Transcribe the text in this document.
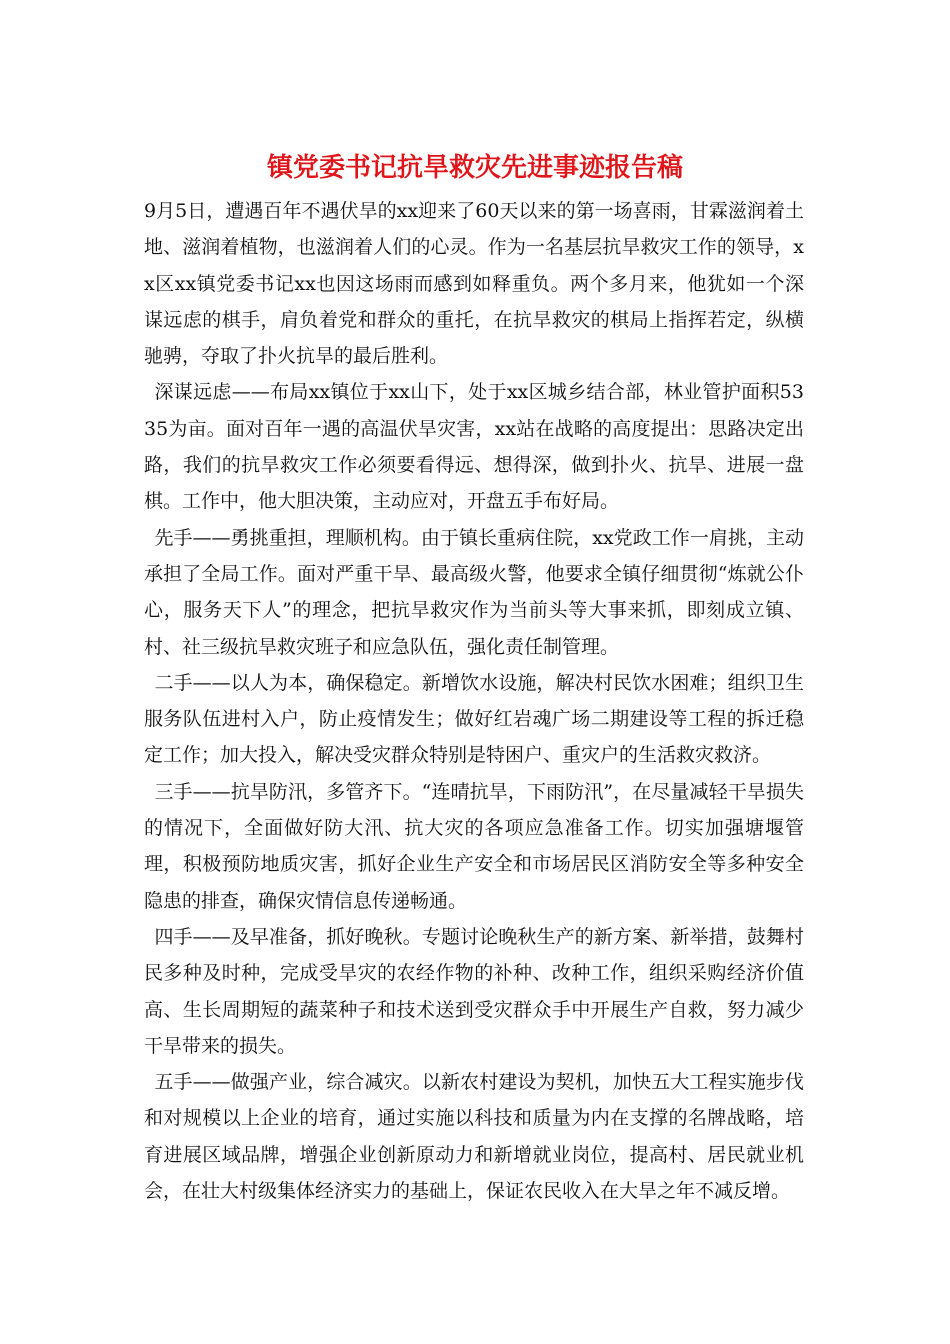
镇党委书记抗旱救灾先进事迹报告稿

9月5日，遭遇百年不遇伏旱的xx迎来了60天以来的第一场喜雨，甘霖滋润着土地、滋润着植物，也滋润着人们的心灵。作为一名基层抗旱救灾工作的领导，xx区xx镇党委书记xx也因这场雨而感到如释重负。两个多月来，他犹如一个深谋远虑的棋手，肩负着党和群众的重托，在抗旱救灾的棋局上指挥若定，纵横驰骋，夺取了扑火抗旱的最后胜利。

深谋远虑——布局xx镇位于xx山下，处于xx区城乡结合部，林业管护面积5335为亩。面对百年一遇的高温伏旱灾害，xx站在战略的高度提出：思路决定出路，我们的抗旱救灾工作必须要看得远、想得深，做到扑火、抗旱、进展一盘棋。工作中，他大胆决策，主动应对，开盘五手布好局。

先手——勇挑重担，理顺机构。由于镇长重病住院，xx党政工作一肩挑，主动承担了全局工作。面对严重干旱、最高级火警，他要求全镇仔细贯彻“炼就公仆心，服务天下人”的理念，把抗旱救灾作为当前头等大事来抓，即刻成立镇、村、社三级抗旱救灾班子和应急队伍，强化责任制管理。

二手——以人为本，确保稳定。新增饮水设施，解决村民饮水困难；组织卫生服务队伍进村入户，防止疫情发生；做好红岩魂广场二期建设等工程的拆迁稳定工作；加大投入，解决受灾群众特别是特困户、重灾户的生活救灾救济。

三手——抗旱防汛，多管齐下。“连晴抗旱，下雨防汛”，在尽量减轻干旱损失的情况下，全面做好防大汛、抗大灾的各项应急准备工作。切实加强塘堰管理，积极预防地质灾害，抓好企业生产安全和市场居民区消防安全等多种安全隐患的排查，确保灾情信息传递畅通。

四手——及早准备，抓好晚秋。专题讨论晚秋生产的新方案、新举措，鼓舞村民多种及时种，完成受旱灾的农经作物的补种、改种工作，组织采购经济价值高、生长周期短的蔬菜种子和技术送到受灾群众手中开展生产自救，努力减少干旱带来的损失。

五手——做强产业，综合减灾。以新农村建设为契机，加快五大工程实施步伐和对规模以上企业的培育，通过实施以科技和质量为内在支撑的名牌战略，培育进展区域品牌，增强企业创新原动力和新增就业岗位，提高村、居民就业机会，在壮大村级集体经济实力的基础上，保证农民收入在大旱之年不减反增。
